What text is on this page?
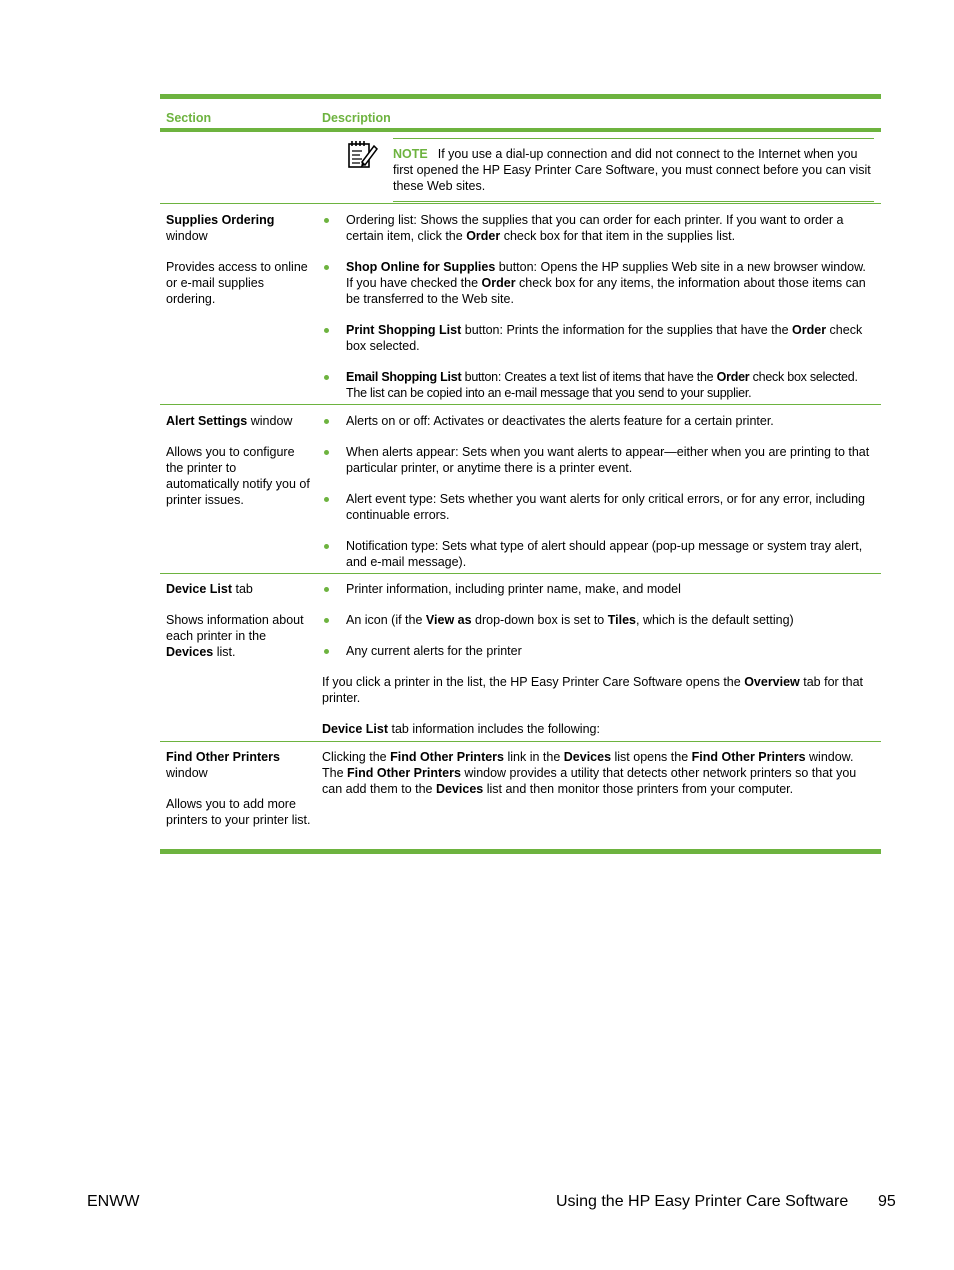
Section	Description
NOTE If you use a dial-up connection and did not connect to the Internet when you first opened the HP Easy Printer Care Software, you must connect before you can visit these Web sites.

Supplies Ordering window

Provides access to online or e-mail supplies ordering.

Ordering list: Shows the supplies that you can order for each printer. If you want to order a certain item, click the Order check box for that item in the supplies list.
Shop Online for Supplies button: Opens the HP supplies Web site in a new browser window. If you have checked the Order check box for any items, the information about those items can be transferred to the Web site.
Print Shopping List button: Prints the information for the supplies that have the Order check box selected.
Email Shopping List button: Creates a text list of items that have the Order check box selected. The list can be copied into an e-mail message that you send to your supplier.

Alert Settings window

Allows you to configure the printer to automatically notify you of printer issues.

Alerts on or off: Activates or deactivates the alerts feature for a certain printer.
When alerts appear: Sets when you want alerts to appear—either when you are printing to that particular printer, or anytime there is a printer event.
Alert event type: Sets whether you want alerts for only critical errors, or for any error, including continuable errors.
Notification type: Sets what type of alert should appear (pop-up message or system tray alert, and e-mail message).

Device List tab

Shows information about each printer in the Devices list.

Printer information, including printer name, make, and model
An icon (if the View as drop-down box is set to Tiles, which is the default setting)
Any current alerts for the printer
If you click a printer in the list, the HP Easy Printer Care Software opens the Overview tab for that printer.
Device List tab information includes the following:

Find Other Printers
window

Allows you to add more printers to your printer list.

Clicking the Find Other Printers link in the Devices list opens the Find Other Printers window. The Find Other Printers window provides a utility that detects other network printers so that you can add them to the Devices list and then monitor those printers from your computer.
ENWW	Using the HP Easy Printer Care Software 95
